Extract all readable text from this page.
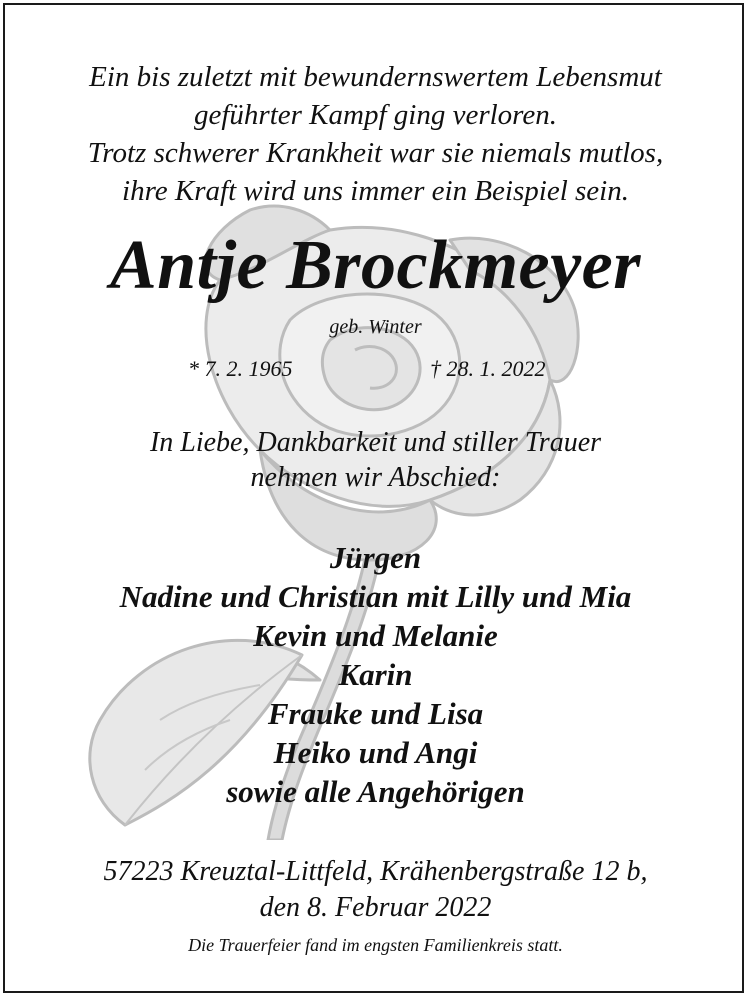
Ein bis zuletzt mit bewundernswertem Lebensmut
geführter Kampf ging verloren.
Trotz schwerer Krankheit war sie niemals mutlos,
ihre Kraft wird uns immer ein Beispiel sein.
Antje Brockmeyer
geb. Winter
* 7. 2. 1965	† 28. 1. 2022
In Liebe, Dankbarkeit und stiller Trauer
nehmen wir Abschied:
Jürgen
Nadine und Christian mit Lilly und Mia
Kevin und Melanie
Karin
Frauke und Lisa
Heiko und Angi
sowie alle Angehörigen
57223 Kreuztal-Littfeld, Krähenbergstraße 12 b,
den 8. Februar 2022
Die Trauerfeier fand im engsten Familienkreis statt.
